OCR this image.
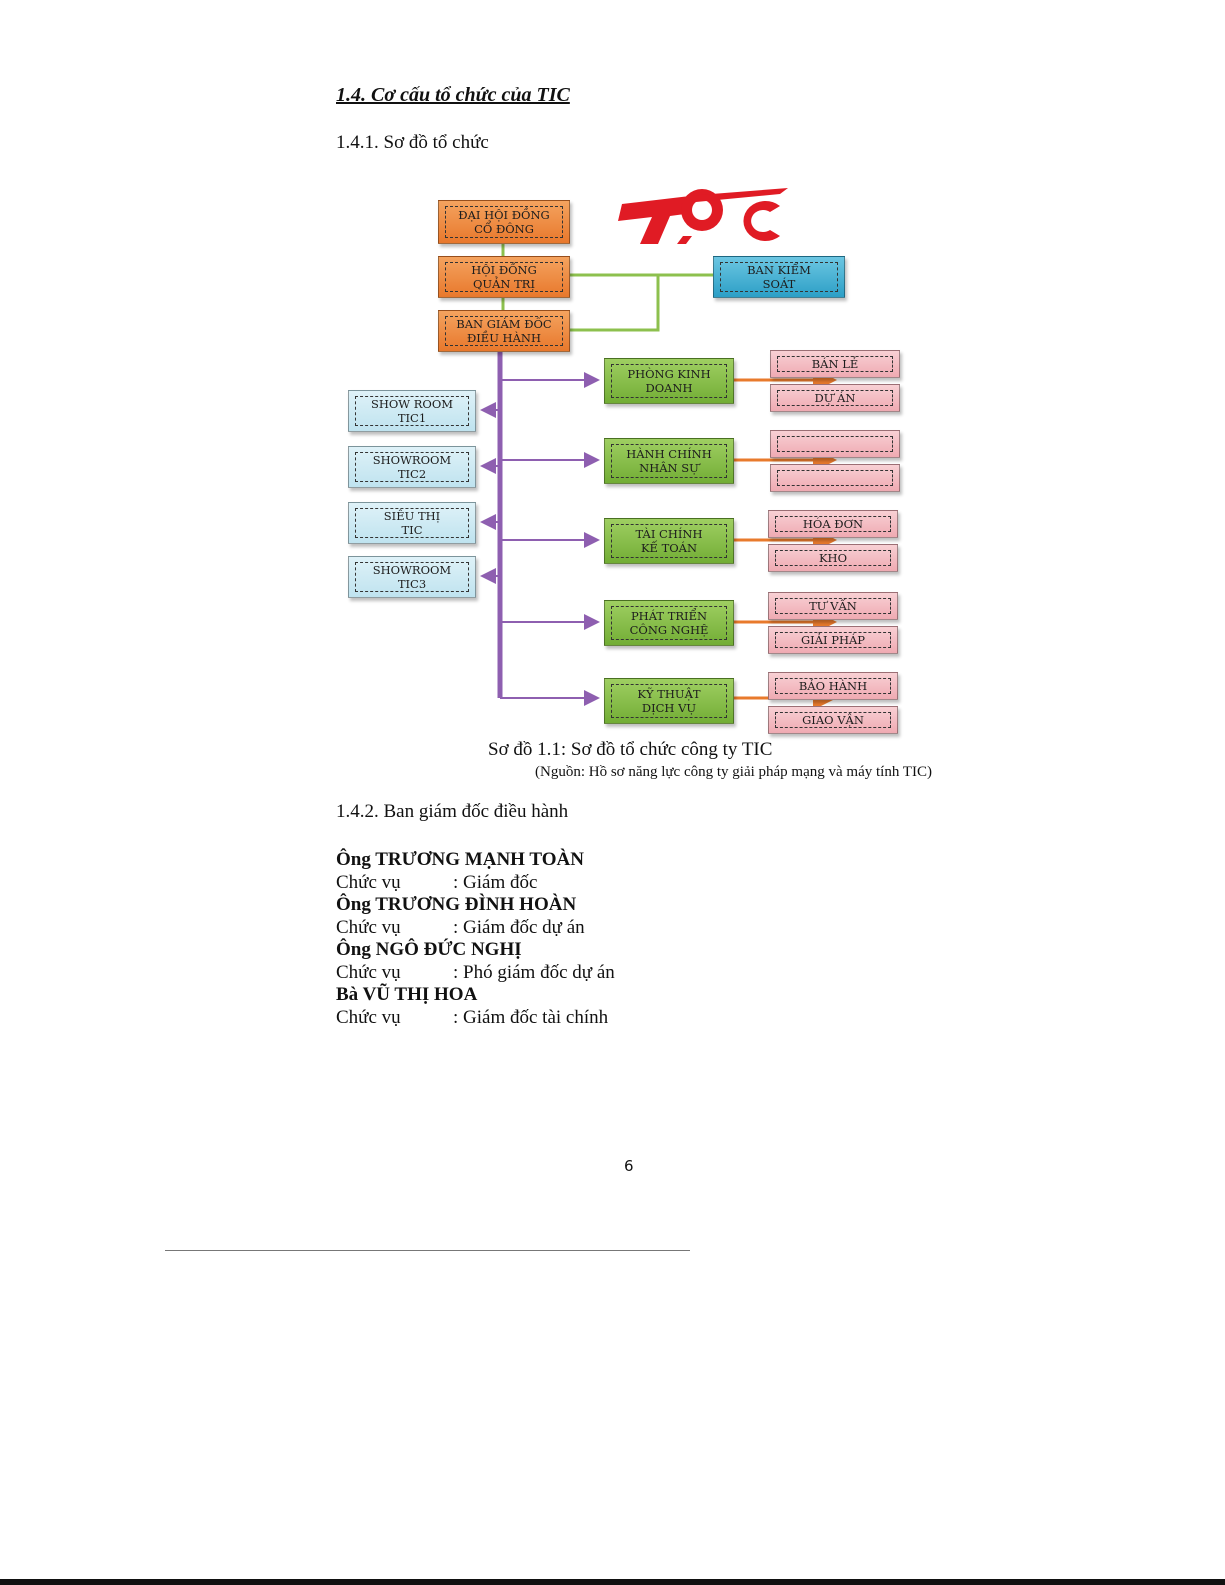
1.4. Cơ cấu tổ chức của TIC
1.4.1. Sơ đồ tổ chức
ĐẠI HỘI ĐỒNG
CỔ ĐÔNG
HỘI ĐỒNG
QUẢN TRỊ
BAN GIÁM ĐỐC
ĐIỀU HÀNH
BAN KIỂM
SOÁT
SHOW ROOM
TIC1
SHOWROOM
TIC2
SIÊU THỊ
TIC
SHOWROOM
TIC3
PHÒNG KINH
DOANH
HÀNH CHÍNH
NHÂN SỰ
TÀI CHÍNH
KẾ TOÁN
PHÁT TRIỂN
CÔNG NGHỆ
KỸ THUẬT
DỊCH VỤ
BÁN LẺ
DỰ ÁN
HÓA ĐƠN
KHO
TƯ VẤN
GIẢI PHÁP
BẢO HÀNH
GIAO VẬN
Sơ đồ 1.1: Sơ đồ tổ chức công ty TIC
(Nguồn: Hồ sơ năng lực công ty giải pháp mạng và máy tính TIC)
1.4.2. Ban giám đốc điều hành
Ông TRƯƠNG MẠNH TOÀN
Chức vụ	: Giám đốc
Ông TRƯƠNG ĐÌNH HOÀN
Chức vụ	: Giám đốc dự án
Ông NGÔ ĐỨC NGHỊ
Chức vụ	: Phó giám đốc dự án
Bà VŨ THỊ HOA
Chức vụ	: Giám đốc tài chính
6
